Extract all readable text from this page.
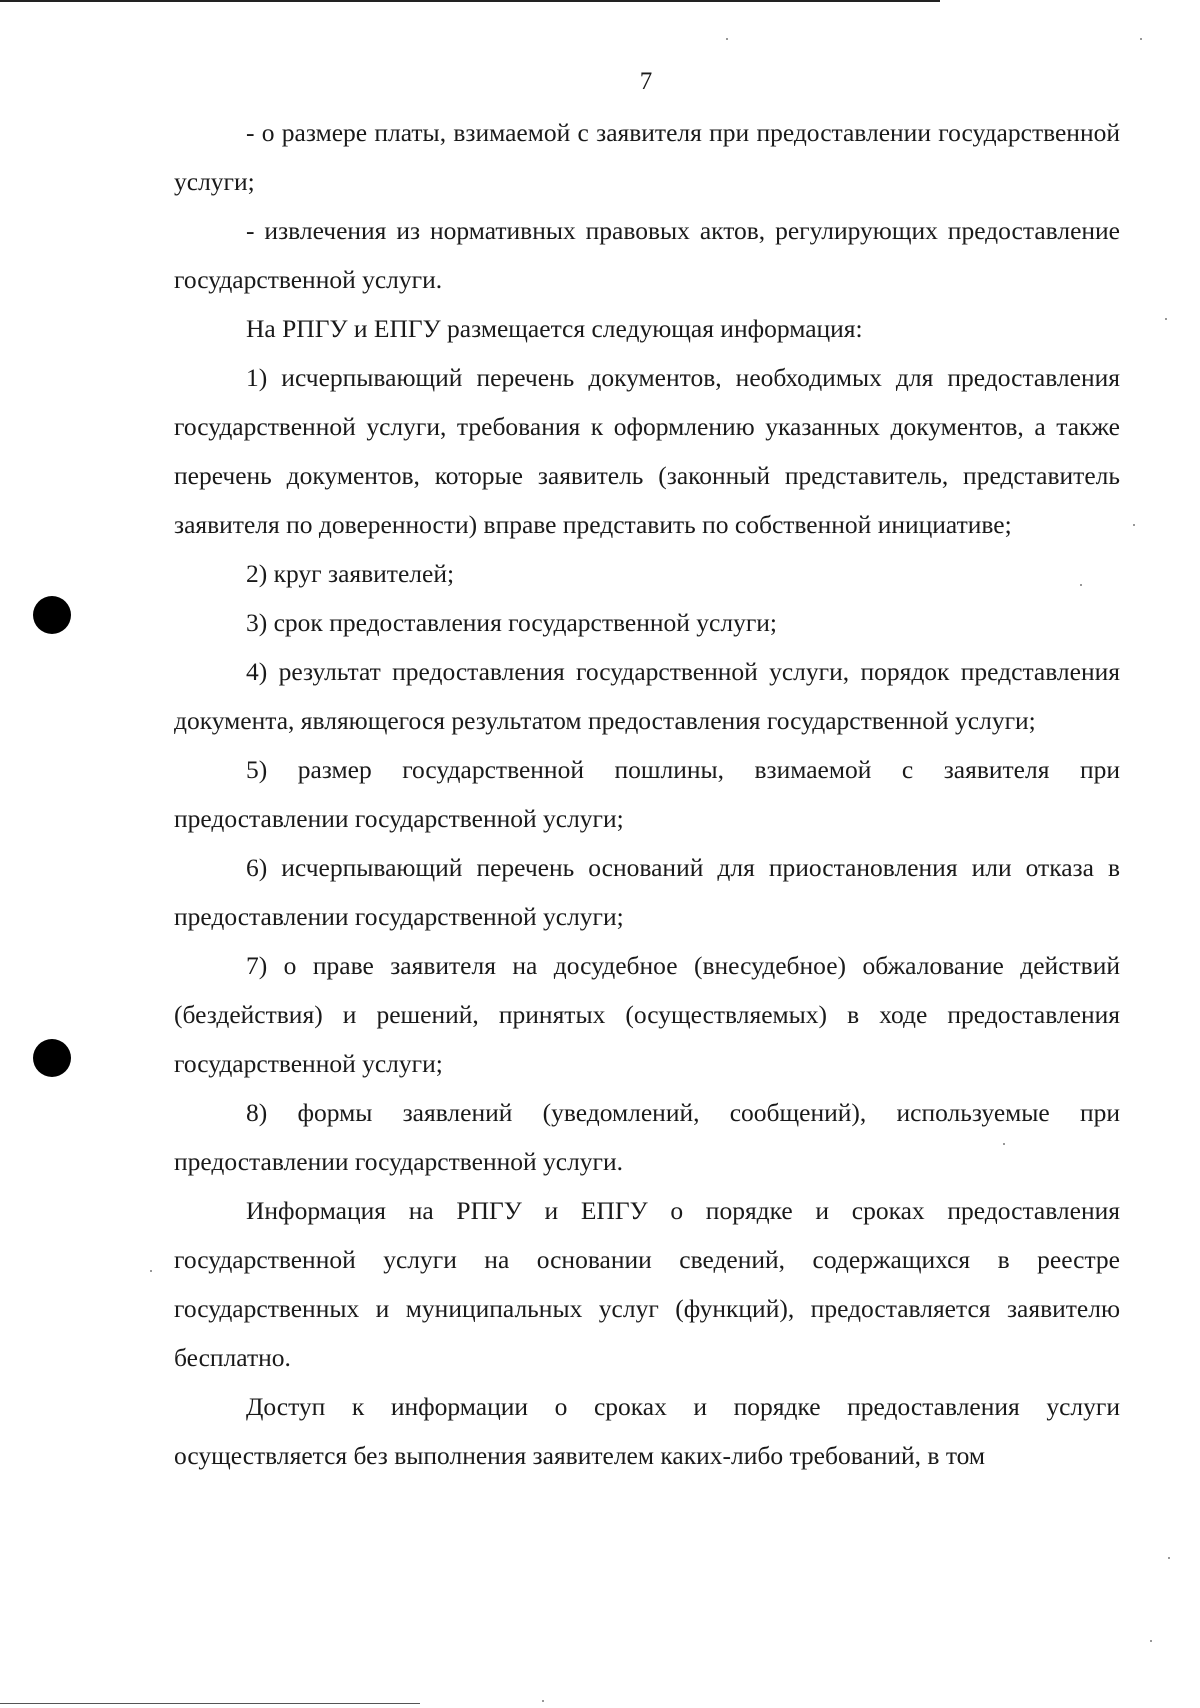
7

- о размере платы, взимаемой с заявителя при предоставлении государственной услуги;

- извлечения из нормативных правовых актов, регулирующих предоставление государственной услуги.

На РПГУ и ЕПГУ размещается следующая информация:

1) исчерпывающий перечень документов, необходимых для предоставления государственной услуги, требования к оформлению указанных документов, а также перечень документов, которые заявитель (законный представитель, представитель заявителя по доверенности) вправе представить по собственной инициативе;

2) круг заявителей;

3) срок предоставления государственной услуги;

4) результат предоставления государственной услуги, порядок представления документа, являющегося результатом предоставления государственной услуги;

5) размер государственной пошлины, взимаемой с заявителя при предоставлении государственной услуги;

6) исчерпывающий перечень оснований для приостановления или отказа в предоставлении государственной услуги;

7) о праве заявителя на досудебное (внесудебное) обжалование действий (бездействия) и решений, принятых (осуществляемых) в ходе предоставления государственной услуги;

8) формы заявлений (уведомлений, сообщений), используемые при предоставлении государственной услуги.

Информация на РПГУ и ЕПГУ о порядке и сроках предоставления государственной услуги на основании сведений, содержащихся в реестре государственных и муниципальных услуг (функций), предоставляется заявителю бесплатно.

Доступ к информации о сроках и порядке предоставления услуги осуществляется без выполнения заявителем каких-либо требований, в том
